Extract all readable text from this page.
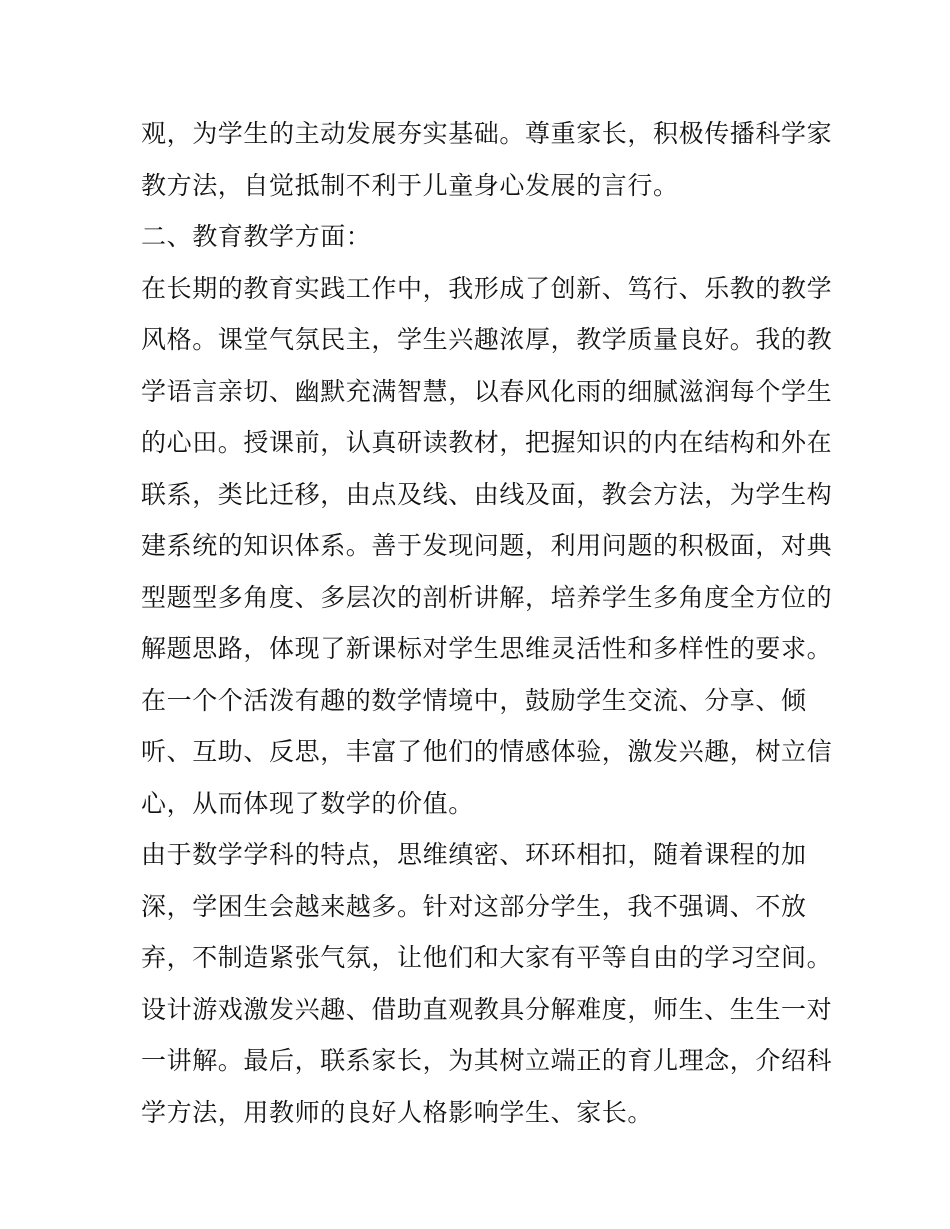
观，为学生的主动发展夯实基础。尊重家长，积极传播科学家
教方法，自觉抵制不利于儿童身心发展的言行。
二、教育教学方面：
在长期的教育实践工作中，我形成了创新、笃行、乐教的教学
风格。课堂气氛民主，学生兴趣浓厚，教学质量良好。我的教
学语言亲切、幽默充满智慧，以春风化雨的细腻滋润每个学生
的心田。授课前，认真研读教材，把握知识的内在结构和外在
联系，类比迁移，由点及线、由线及面，教会方法，为学生构
建系统的知识体系。善于发现问题，利用问题的积极面，对典
型题型多角度、多层次的剖析讲解，培养学生多角度全方位的
解题思路，体现了新课标对学生思维灵活性和多样性的要求。
在一个个活泼有趣的数学情境中，鼓励学生交流、分享、倾
听、互助、反思，丰富了他们的情感体验，激发兴趣，树立信
心，从而体现了数学的价值。
由于数学学科的特点，思维缜密、环环相扣，随着课程的加
深，学困生会越来越多。针对这部分学生，我不强调、不放
弃，不制造紧张气氛，让他们和大家有平等自由的学习空间。
设计游戏激发兴趣、借助直观教具分解难度，师生、生生一对
一讲解。最后，联系家长，为其树立端正的育儿理念，介绍科
学方法，用教师的良好人格影响学生、家长。
